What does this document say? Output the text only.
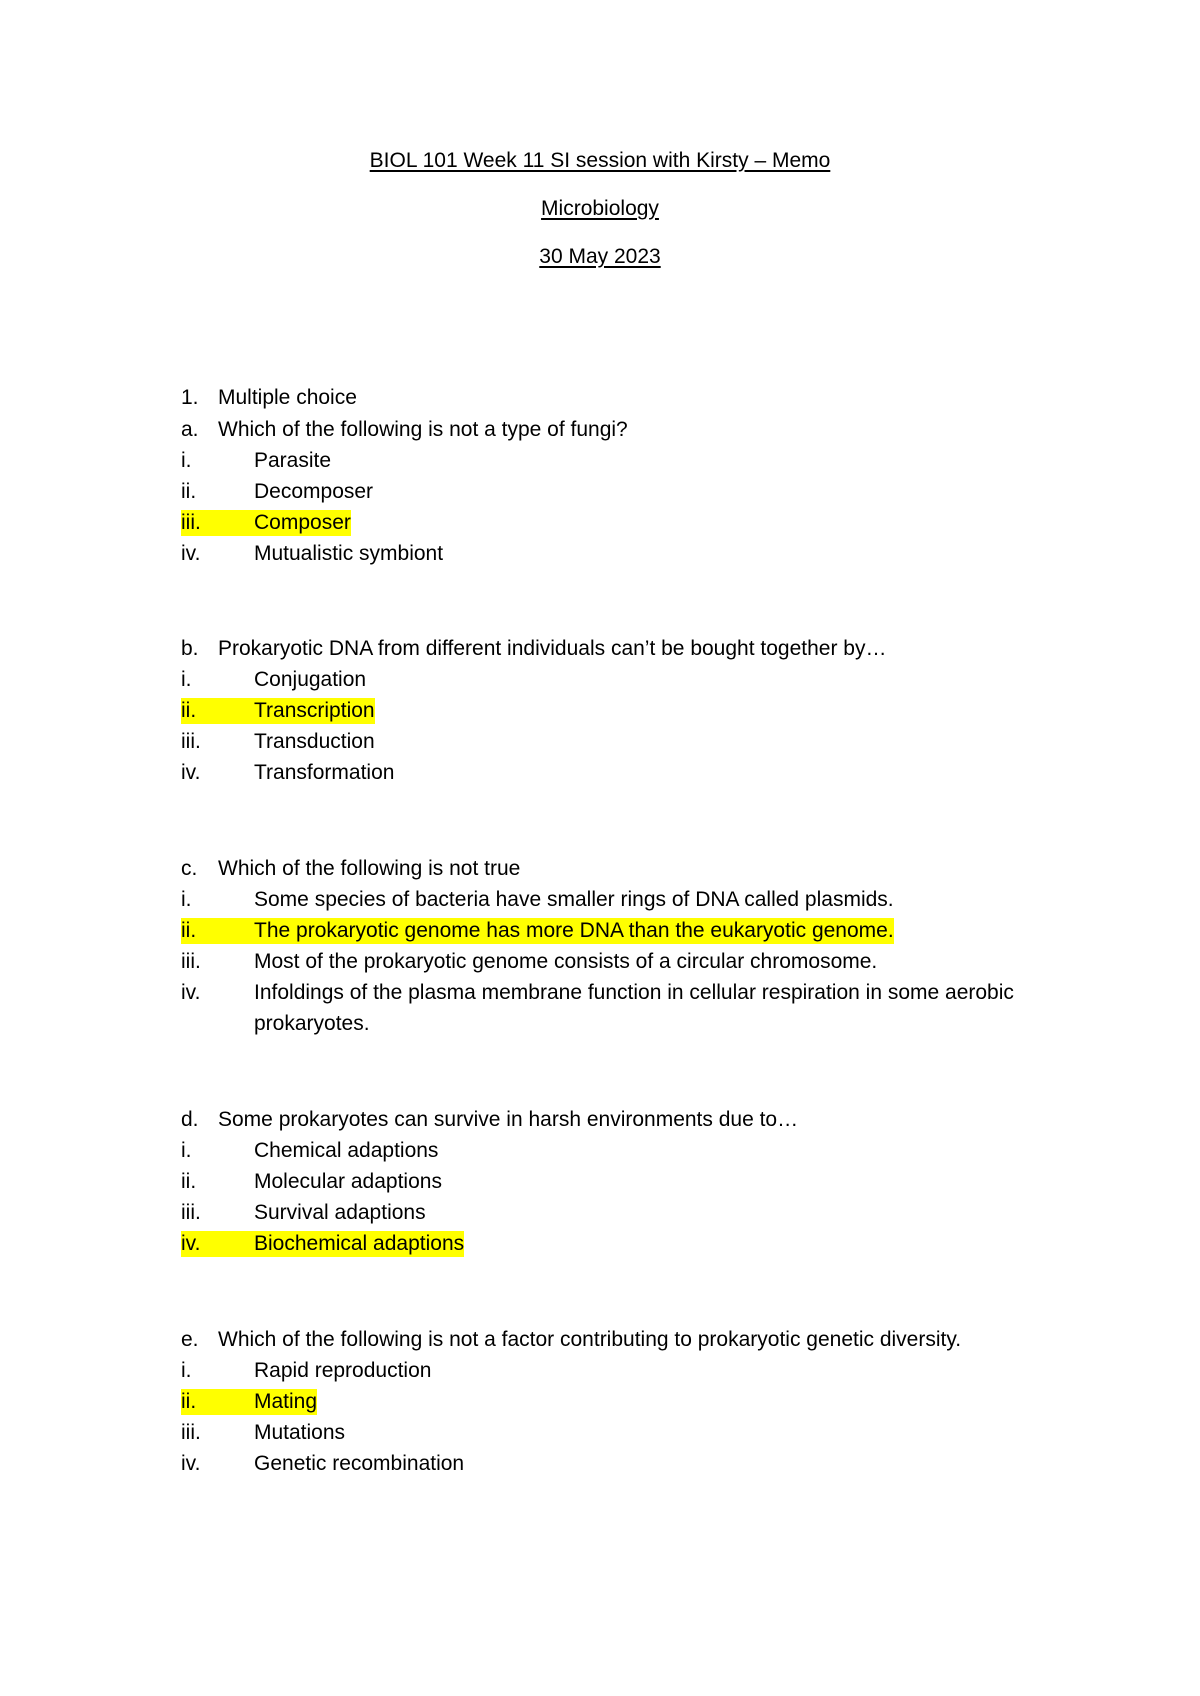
BIOL 101 Week 11 SI session with Kirsty – Memo
Microbiology
30 May 2023
1. Multiple choice
a. Which of the following is not a type of fungi?
i.	Parasite
ii.	Decomposer
iii.	Composer
iv.	Mutualistic symbiont
b. Prokaryotic DNA from different individuals can’t be bought together by…
i.	Conjugation
ii.	Transcription
iii.	Transduction
iv.	Transformation
c. Which of the following is not true
i.	Some species of bacteria have smaller rings of DNA called plasmids.
ii.	The prokaryotic genome has more DNA than the eukaryotic genome.
iii.	Most of the prokaryotic genome consists of a circular chromosome.
iv.	Infoldings of the plasma membrane function in cellular respiration in some aerobic prokaryotes.
d. Some prokaryotes can survive in harsh environments due to…
i.	Chemical adaptions
ii.	Molecular adaptions
iii.	Survival adaptions
iv.	Biochemical adaptions
e. Which of the following is not a factor contributing to prokaryotic genetic diversity.
i.	Rapid reproduction
ii.	Mating
iii.	Mutations
iv.	Genetic recombination
